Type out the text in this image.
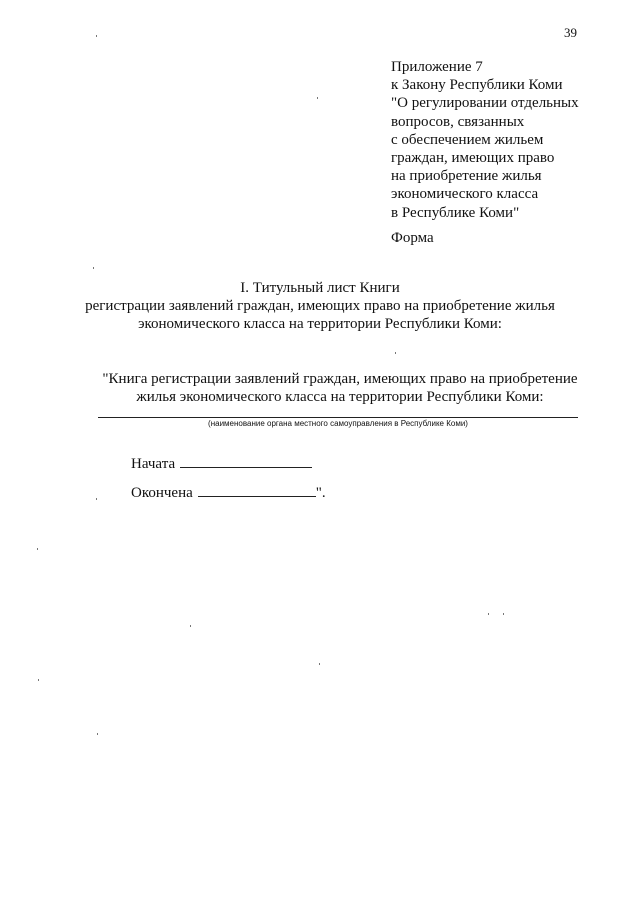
39
Приложение 7
к Закону Республики Коми
"О регулировании отдельных
вопросов, связанных
с обеспечением жильем
граждан, имеющих право
на приобретение жилья
экономического класса
в Республике Коми"
Форма
I. Титульный лист Книги
регистрации заявлений граждан, имеющих право на приобретение жилья
экономического класса на территории Республики Коми:
"Книга регистрации заявлений граждан, имеющих право на приобретение
жилья экономического класса на территории Республики Коми:
(наименование органа местного самоуправления в Республике Коми)
Начата
Окончена	".
